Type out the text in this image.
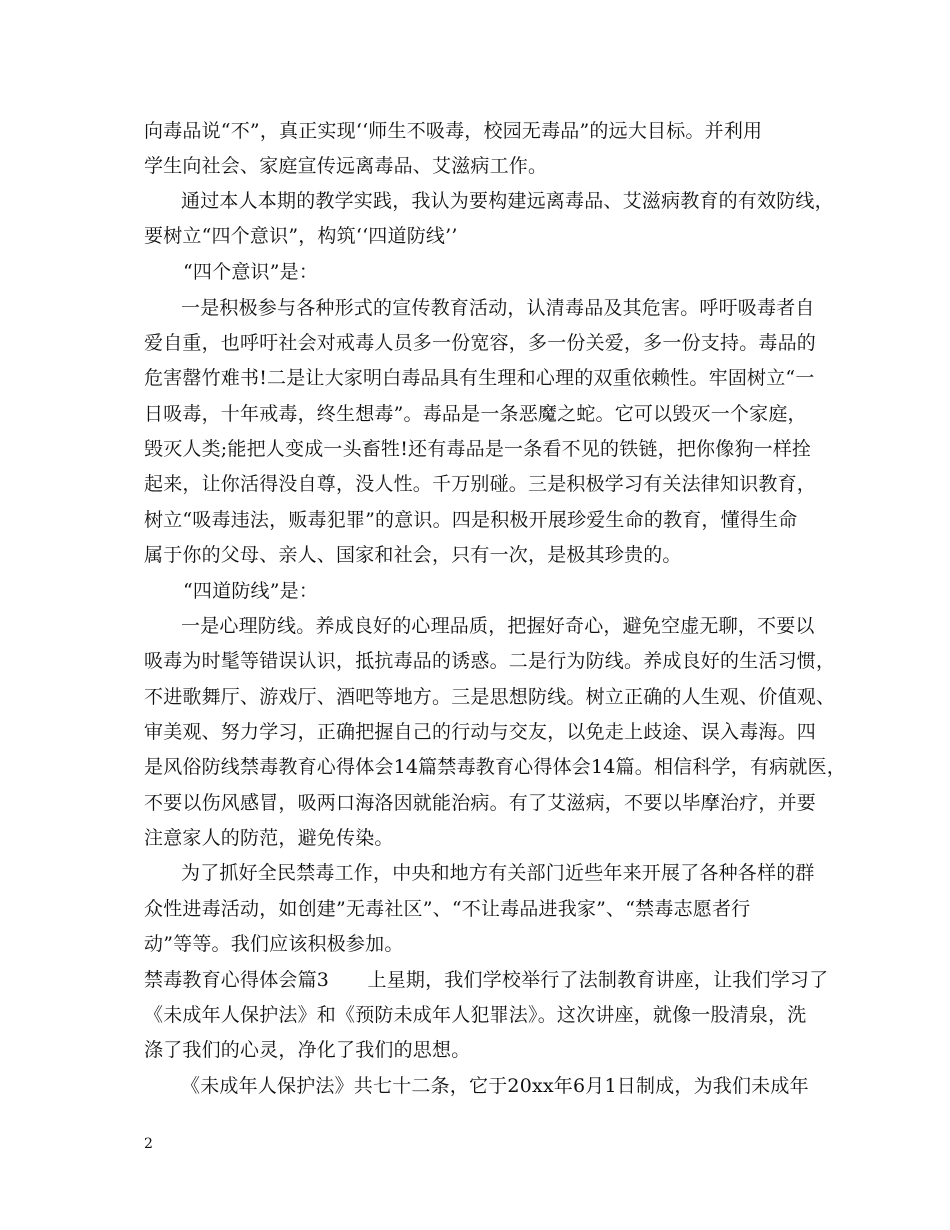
向毒品说“不”，真正实现‘‘师生不吸毒，校园无毒品”的远大目标。并利用
学生向社会、家庭宣传远离毒品、艾滋病工作。
通过本人本期的教学实践，我认为要构建远离毒品、艾滋病教育的有效防线，
要树立“四个意识”，构筑‘‘四道防线’’
“四个意识”是：
一是积极参与各种形式的宣传教育活动，认清毒品及其危害。呼吁吸毒者自
爱自重，也呼吁社会对戒毒人员多一份宽容，多一份关爱，多一份支持。毒品的
危害罄竹难书!二是让大家明白毒品具有生理和心理的双重依赖性。牢固树立“一
日吸毒，十年戒毒，终生想毒”。毒品是一条恶魔之蛇。它可以毁灭一个家庭，
毁灭人类;能把人变成一头畜牲!还有毒品是一条看不见的铁链，把你像狗一样拴
起来，让你活得没自尊，没人性。千万别碰。三是积极学习有关法律知识教育，
树立“吸毒违法，贩毒犯罪”的意识。四是积极开展珍爱生命的教育，懂得生命
属于你的父母、亲人、国家和社会，只有一次，是极其珍贵的。
“四道防线”是：
一是心理防线。养成良好的心理品质，把握好奇心，避免空虚无聊，不要以
吸毒为时髦等错误认识，抵抗毒品的诱惑。二是行为防线。养成良好的生活习惯，
不进歌舞厅、游戏厅、酒吧等地方。三是思想防线。树立正确的人生观、价值观、
审美观、努力学习，正确把握自己的行动与交友，以免走上歧途、误入毒海。四
是风俗防线禁毒教育心得体会14篇禁毒教育心得体会14篇。相信科学，有病就医，
不要以伤风感冒，吸两口海洛因就能治病。有了艾滋病，不要以毕摩治疗，并要
注意家人的防范，避免传染。
为了抓好全民禁毒工作，中央和地方有关部门近些年来开展了各种各样的群
众性进毒活动，如创建”无毒社区”、“不让毒品进我家”、“禁毒志愿者行
动”等等。我们应该积极参加。
禁毒教育心得体会篇3　　上星期，我们学校举行了法制教育讲座，让我们学习了
《未成年人保护法》和《预防未成年人犯罪法》。这次讲座，就像一股清泉，洗
涤了我们的心灵，净化了我们的思想。
《未成年人保护法》共七十二条，它于20xx年6月1日制成，为我们未成年
2
